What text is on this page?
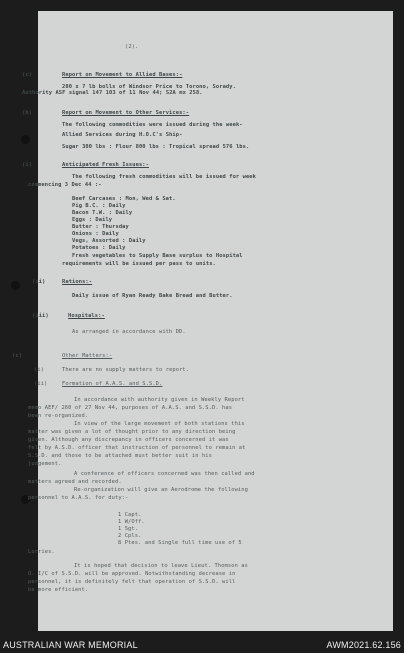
(2).
(c)	Report on Movement to Allied Bases:-
200 x 7 lb bolls of Windsor Price to Torono, Sorady.
Authority ASF signal 147 103 of 11 Nov 44; S2A mx 258.
(b)	Report on Movement to Other Services:-
The following commodities were issued during the week-
Allied Services during H.O.C's Ship-
Sugar 300 lbs : Flour 800 lbs : Tropical spread 576 lbs.
(i)	Anticipated Fresh Issues:-
The following fresh commodities will be issued for week
commencing 3 Dec 44 :-
Beef Carcases : Mon, Wed & Sat.
Pig B.C. : Daily
Bacon T.W. : Daily
Eggs : Daily
Butter : Thursday
Onions : Daily
Vegs, Assorted : Daily
Potatoes : Daily
Fresh vegetables to Supply Base surplus to Hospital
requirements will be issued per pass to units.
(ii)	Rations:-
Daily issue of Ryan Ready Bake Bread and Butter.
(iii)	Hospitals:-
As arranged in accordance with DD.
(c)	Other Matters:-
(i)	There are no supply matters to report.
(ii)	Formation of A.A.S. and S.S.D.
In accordance with authority given in Weekly Report
memo AEF/ 260 of 27 Nov 44, purposes of A.A.S. and S.S.D. has
been re-organized.
In view of the large movement of both stations this
matter was given a lot of thought prior to any direction being
given. Although any discrepancy in officers concerned it was
felt by A.S.D. officer that instruction of personnel to remain at
S.S.D. and those to be attached must better suit in his
judgement.
A conference of officers concerned was then called and
matters agreed and recorded.
Re-organization will give an Aerodrome the following
personnel to A.A.S. for duty:-
1 Capt.
1 W/Off.
1 Sgt.
2 Cpls.
8 Ptes. and Single full time use of 5
Lorries.
It is hoped that decision to leave Lieut. Thomson as
O. I/C of S.S.D. will be approved. Notwithstanding decrease in
personnel, it is definitely felt that operation of S.S.D. will
be more efficient.
AUSTRALIAN WAR MEMORIAL	AWM2021.62.156
